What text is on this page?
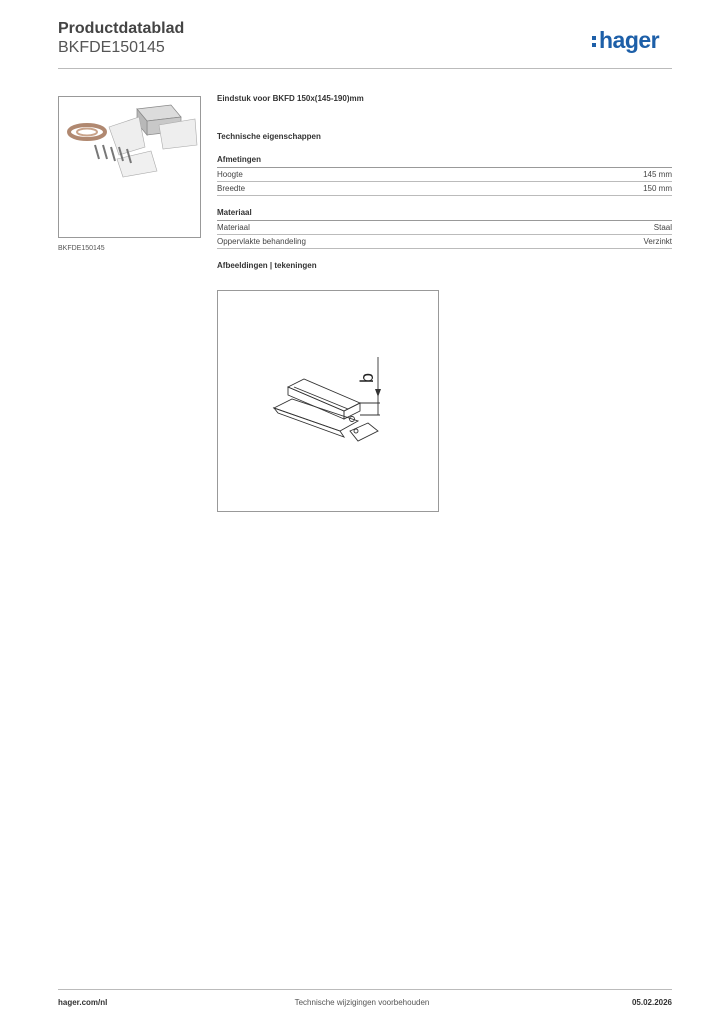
Productdatablad
BKFDE150145	hager
BKFDE150145
Eindstuk voor BKFD 150x(145-190)mm
Technische eigenschappen
Afmetingen
Hoogte	145 mm
Breedte	150 mm
Materiaal
Materiaal	Staal
Oppervlakte behandeling	Verzinkt
Afbeeldingen | tekeningen
b
hager.com/nl	Technische wijzigingen voorbehouden	05.02.2026
